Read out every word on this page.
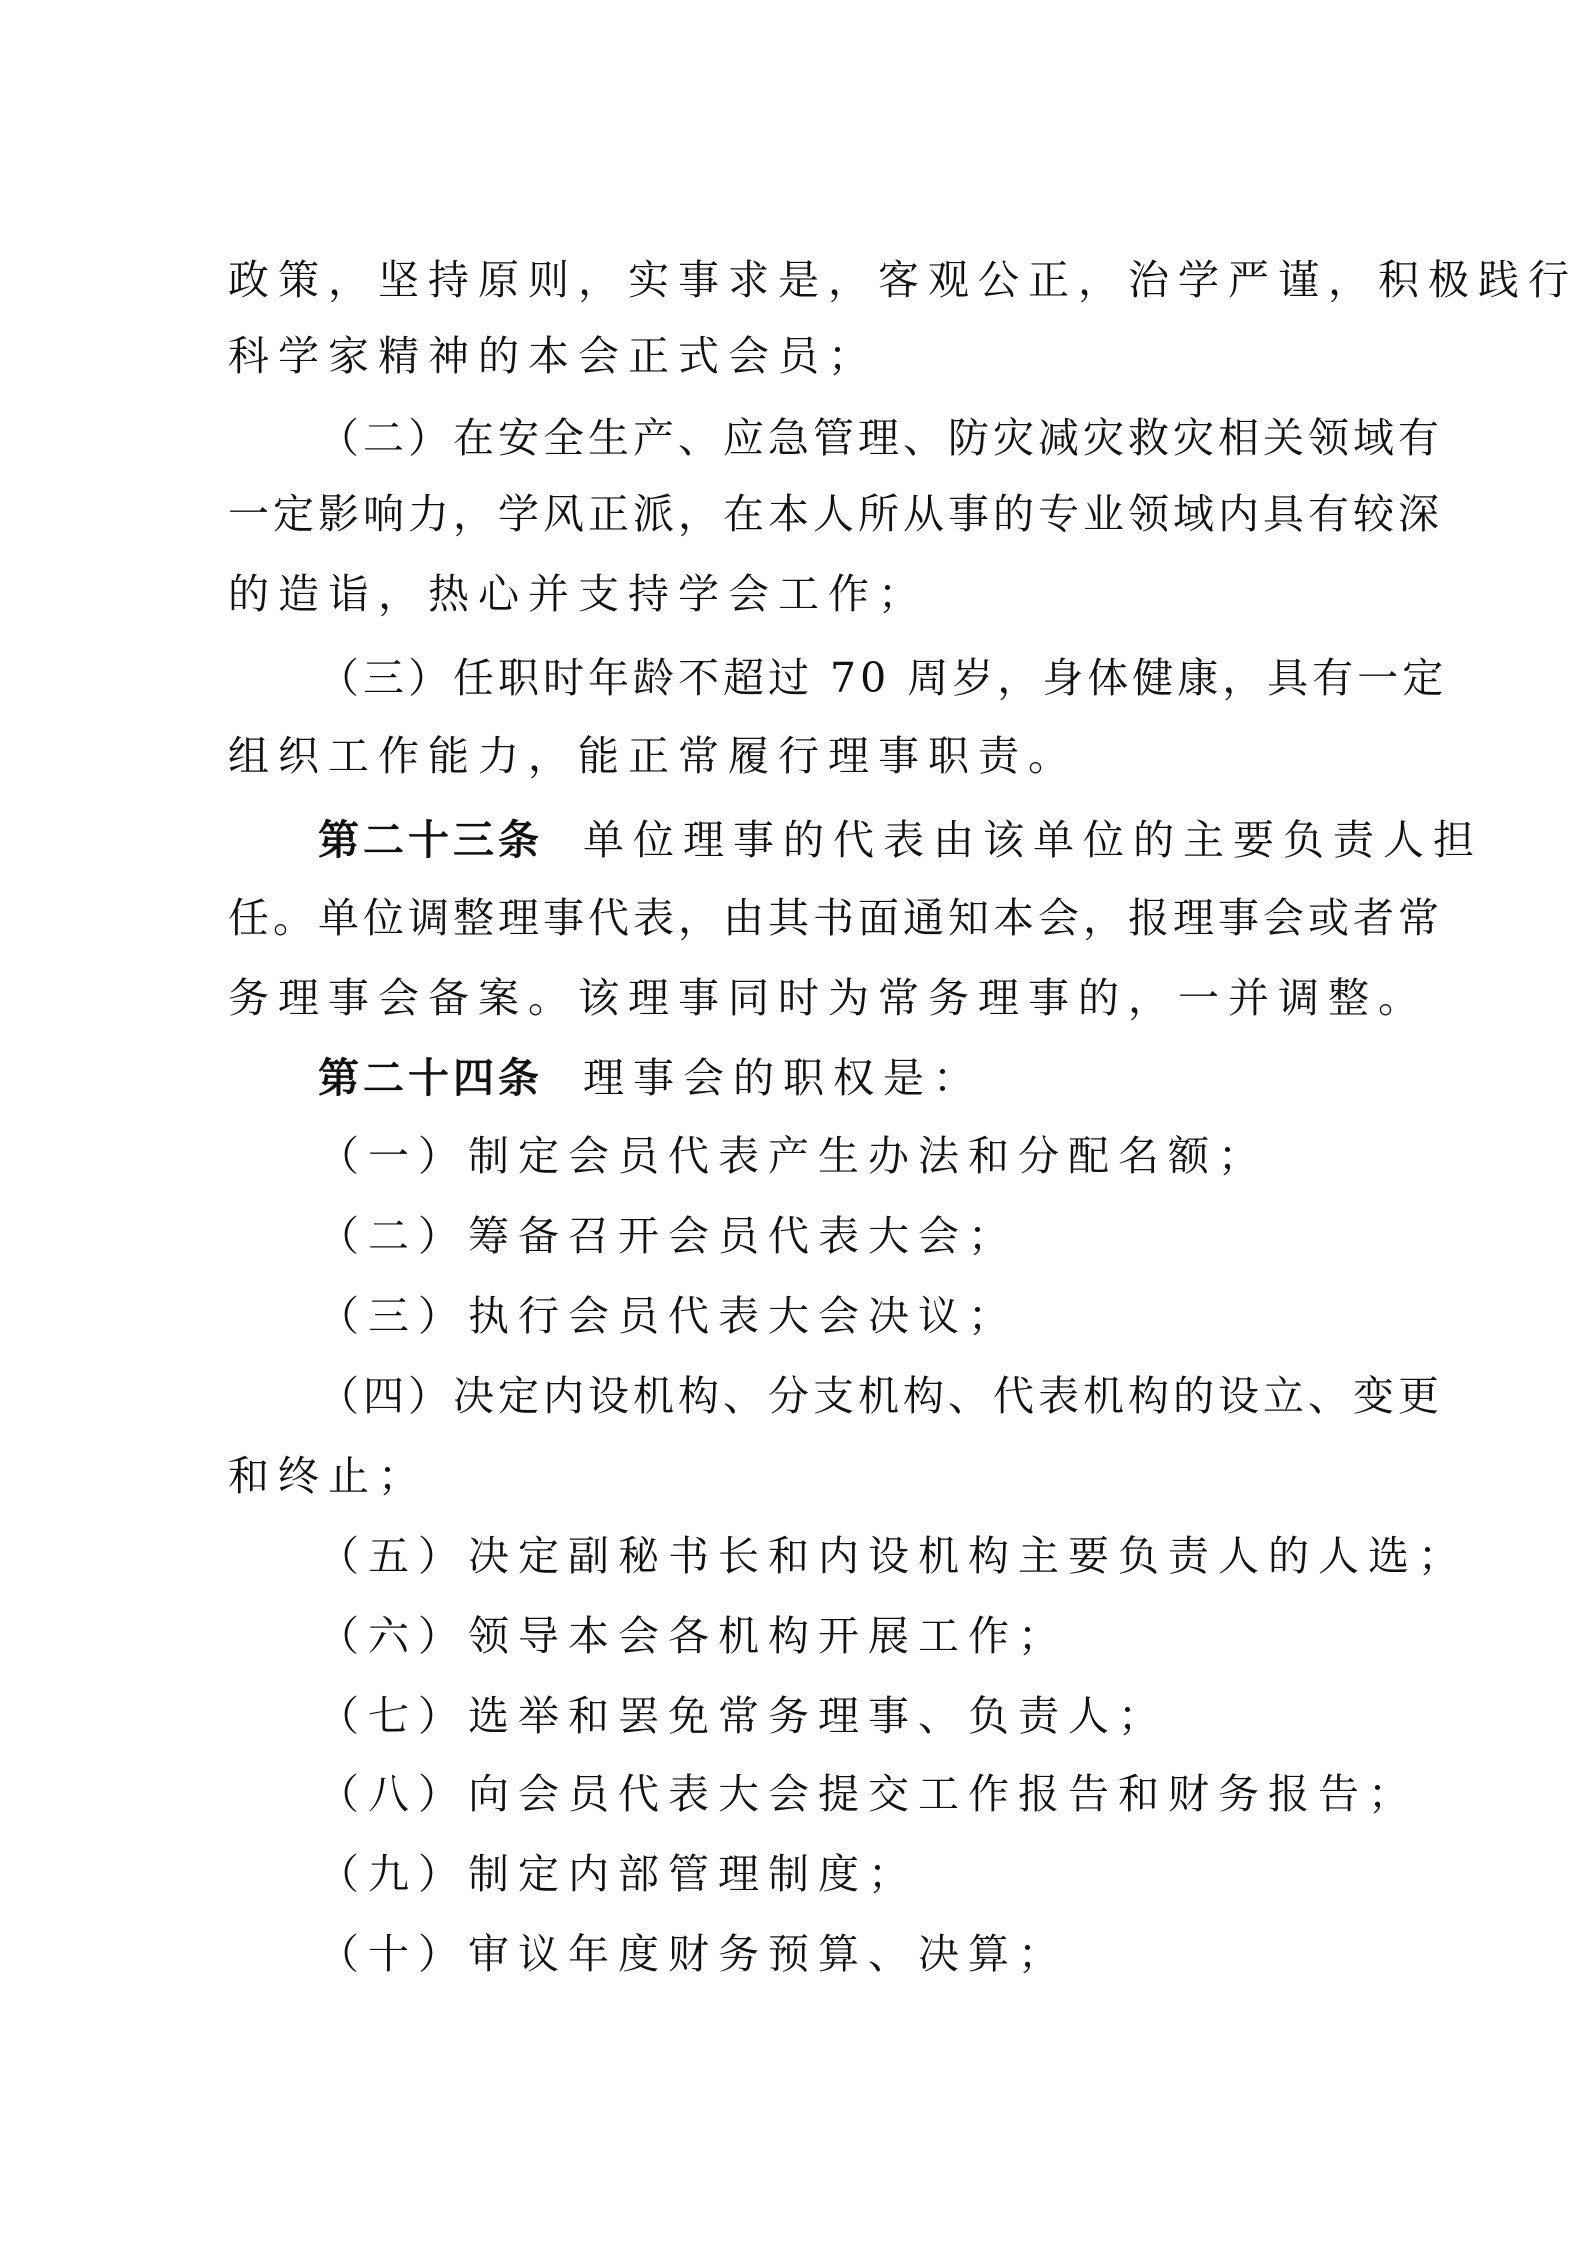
政策，坚持原则，实事求是，客观公正，治学严谨，积极践行
科学家精神的本会正式会员；
（二）在安全生产、应急管理、防灾减灾救灾相关领域有
一定影响力，学风正派，在本人所从事的专业领域内具有较深
的造诣，热心并支持学会工作；
（三）任职时年龄不超过 70 周岁，身体健康，具有一定
组织工作能力，能正常履行理事职责。
第二十三条 单位理事的代表由该单位的主要负责人担
任。单位调整理事代表，由其书面通知本会，报理事会或者常
务理事会备案。该理事同时为常务理事的，一并调整。
第二十四条 理事会的职权是：
（一）制定会员代表产生办法和分配名额；
（二）筹备召开会员代表大会；
（三）执行会员代表大会决议；
（四）决定内设机构、分支机构、代表机构的设立、变更
和终止；
（五）决定副秘书长和内设机构主要负责人的人选；
（六）领导本会各机构开展工作；
（七）选举和罢免常务理事、负责人；
（八）向会员代表大会提交工作报告和财务报告；
（九）制定内部管理制度；
（十）审议年度财务预算、决算；
